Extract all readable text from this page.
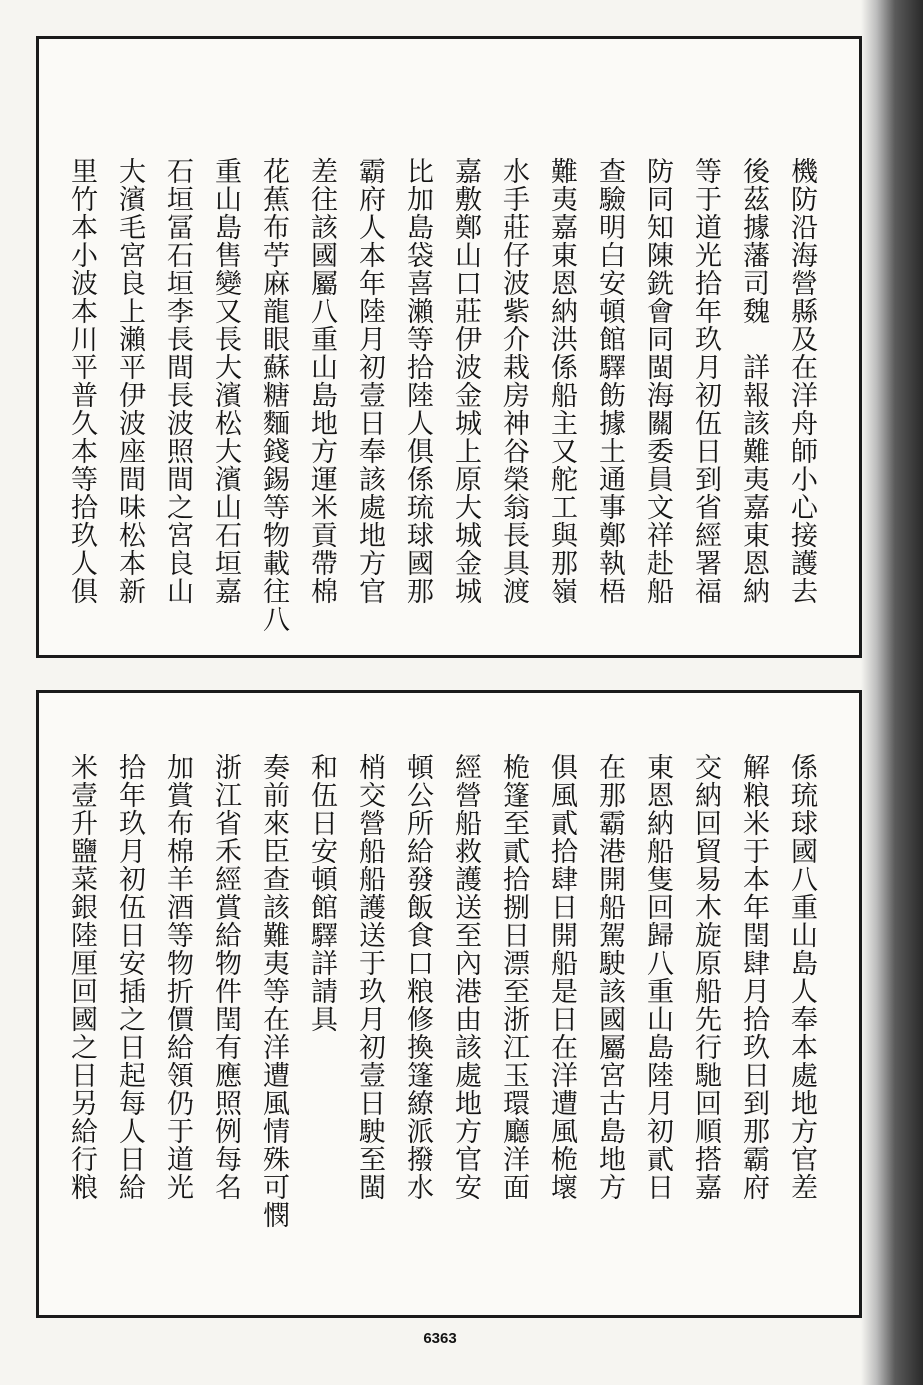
機防沿海營縣及在洋舟師小心接護去
後茲據藩司魏　詳報該難夷嘉東恩納
等于道光拾年玖月初伍日到省經署福
防同知陳銑會同閩海關委員文祥赴船
查驗明白安頓館驛飭據土通事鄭執梧
難夷嘉東恩納洪係船主又舵工與那嶺
水手莊仔波紫介栽房神谷榮翁長具渡
嘉敷鄭山口莊伊波金城上原大城金城
比加島袋喜瀨等拾陸人俱係琉球國那
霸府人本年陸月初壹日奉該處地方官
差往該國屬八重山島地方運米貢帶棉
花蕉布苧麻龍眼蘇糖麵錢錫等物載往八
重山島售變又長大濱松大濱山石垣嘉
石垣冨石垣李長間長波照間之宮良山
大濱毛宮良上瀨平伊波座間味松本新
里竹本小波本川平普久本等拾玖人俱
係琉球國八重山島人奉本處地方官差
解粮米于本年閏肆月拾玖日到那霸府
交納回貿易木旋原船先行馳回順搭嘉
東恩納船隻回歸八重山島陸月初貳日
在那霸港開船駕駛該國屬宮古島地方
俱風貳拾肆日開船是日在洋遭風桅壞
桅篷至貳拾捌日漂至浙江玉環廳洋面
經營船救護送至內港由該處地方官安
頓公所給發飯食口粮修換篷繚派撥水
梢交營船船護送于玖月初壹日駛至閩
和伍日安頓館驛詳請具
奏前來臣查該難夷等在洋遭風情殊可憫
浙江省禾經賞給物件閏有應照例每名
加賞布棉羊酒等物折價給領仍于道光
拾年玖月初伍日安插之日起每人日給
米壹升鹽菜銀陸厘回國之日另給行粮
6363
